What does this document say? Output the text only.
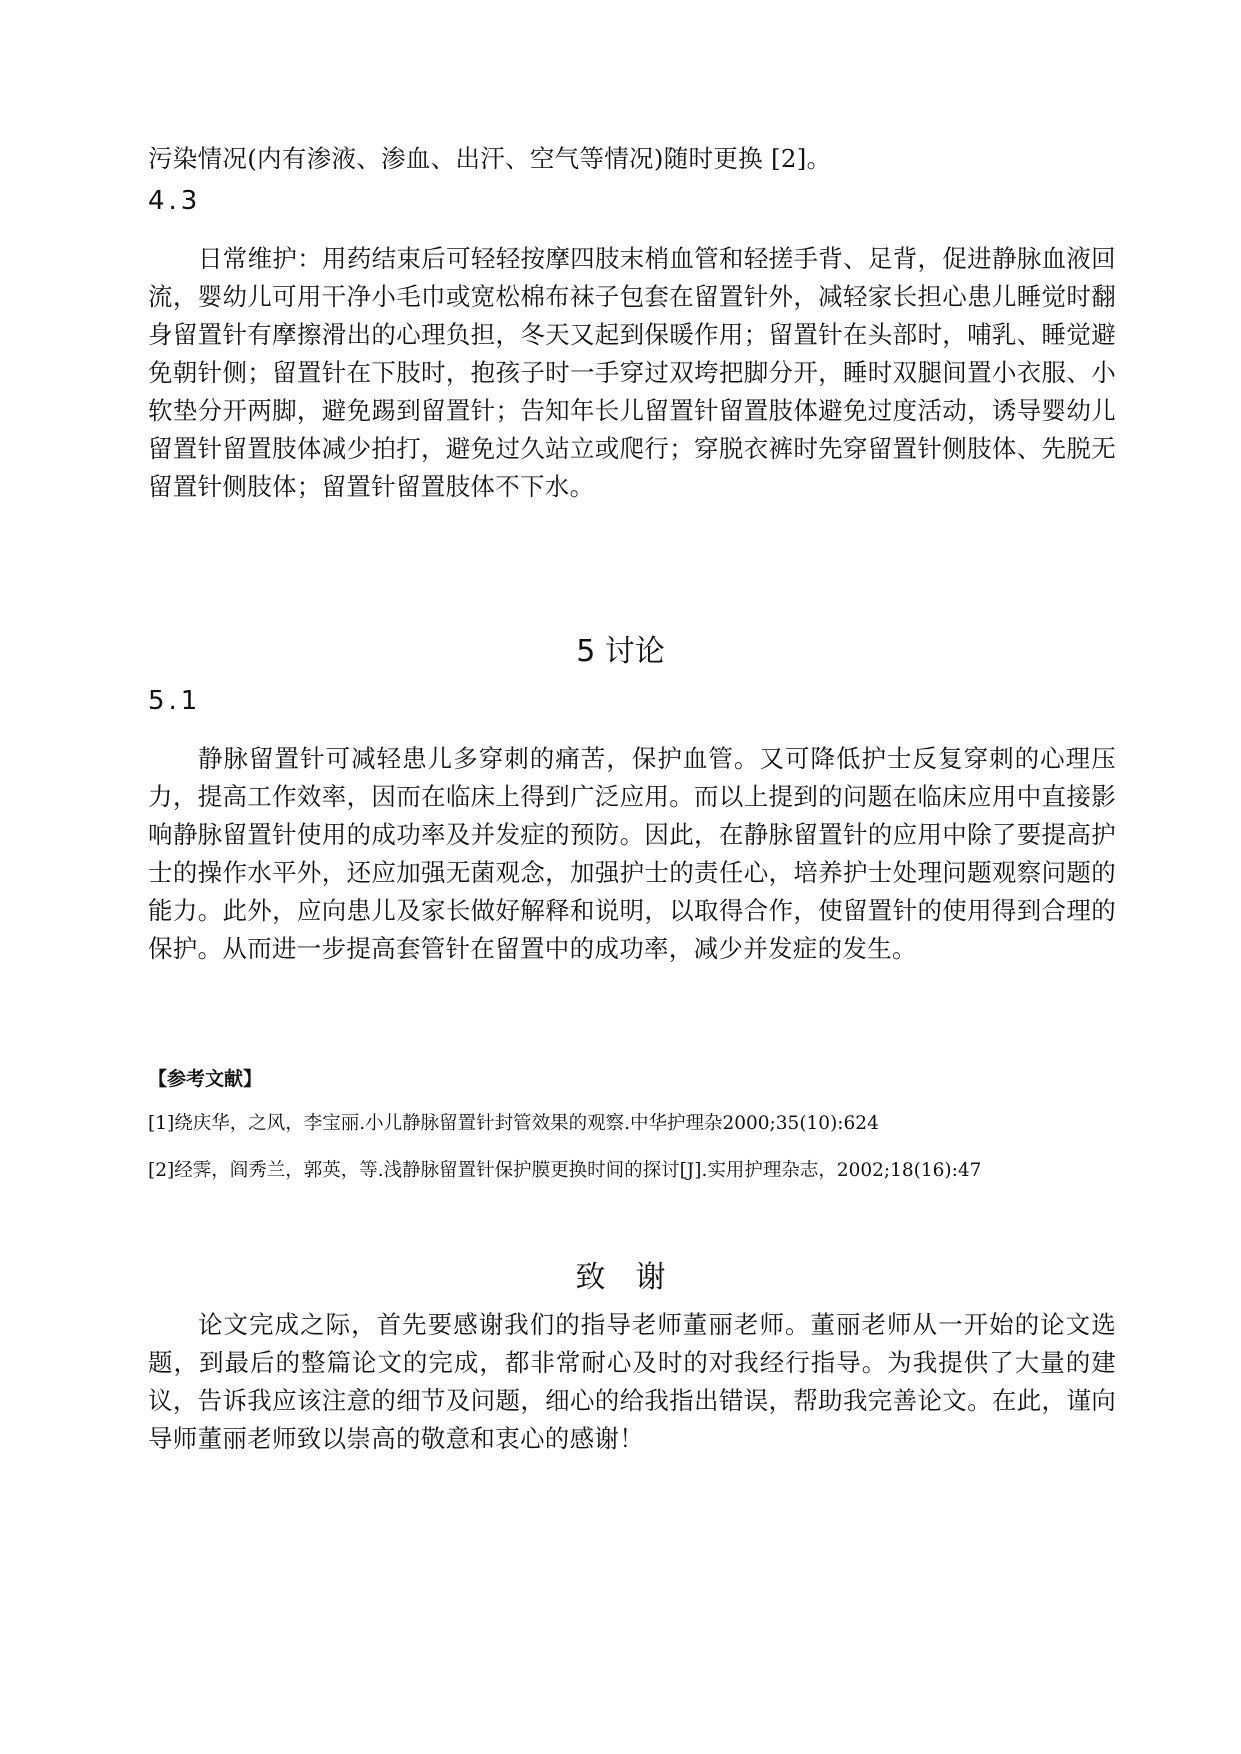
污染情况(内有渗液、渗血、出汗、空气等情况)随时更换 [2]。
4.3
日常维护：用药结束后可轻轻按摩四肢末梢血管和轻搓手背、足背，促进静脉血液回流，婴幼儿可用干净小毛巾或宽松棉布袜子包套在留置针外，减轻家长担心患儿睡觉时翻身留置针有摩擦滑出的心理负担，冬天又起到保暖作用；留置针在头部时，哺乳、睡觉避免朝针侧；留置针在下肢时，抱孩子时一手穿过双垮把脚分开，睡时双腿间置小衣服、小软垫分开两脚，避免踢到留置针；告知年长儿留置针留置肢体避免过度活动，诱导婴幼儿留置针留置肢体减少拍打，避免过久站立或爬行；穿脱衣裤时先穿留置针侧肢体、先脱无留置针侧肢体；留置针留置肢体不下水。
5 讨论
5.1
静脉留置针可减轻患儿多穿刺的痛苦，保护血管。又可降低护士反复穿刺的心理压力，提高工作效率，因而在临床上得到广泛应用。而以上提到的问题在临床应用中直接影响静脉留置针使用的成功率及并发症的预防。因此，在静脉留置针的应用中除了要提高护士的操作水平外，还应加强无菌观念，加强护士的责任心，培养护士处理问题观察问题的能力。此外，应向患儿及家长做好解释和说明，以取得合作，使留置针的使用得到合理的保护。从而进一步提高套管针在留置中的成功率，减少并发症的发生。
【参考文献】
[1]绕庆华，之风，李宝丽.小儿静脉留置针封管效果的观察.中华护理杂2000;35(10):624
[2]经霁，阎秀兰，郭英，等.浅静脉留置针保护膜更换时间的探讨[J].实用护理杂志，2002;18(16):47
致谢
论文完成之际，首先要感谢我们的指导老师董丽老师。董丽老师从一开始的论文选题，到最后的整篇论文的完成，都非常耐心及时的对我经行指导。为我提供了大量的建议，告诉我应该注意的细节及问题，细心的给我指出错误，帮助我完善论文。在此，谨向导师董丽老师致以崇高的敬意和衷心的感谢！
